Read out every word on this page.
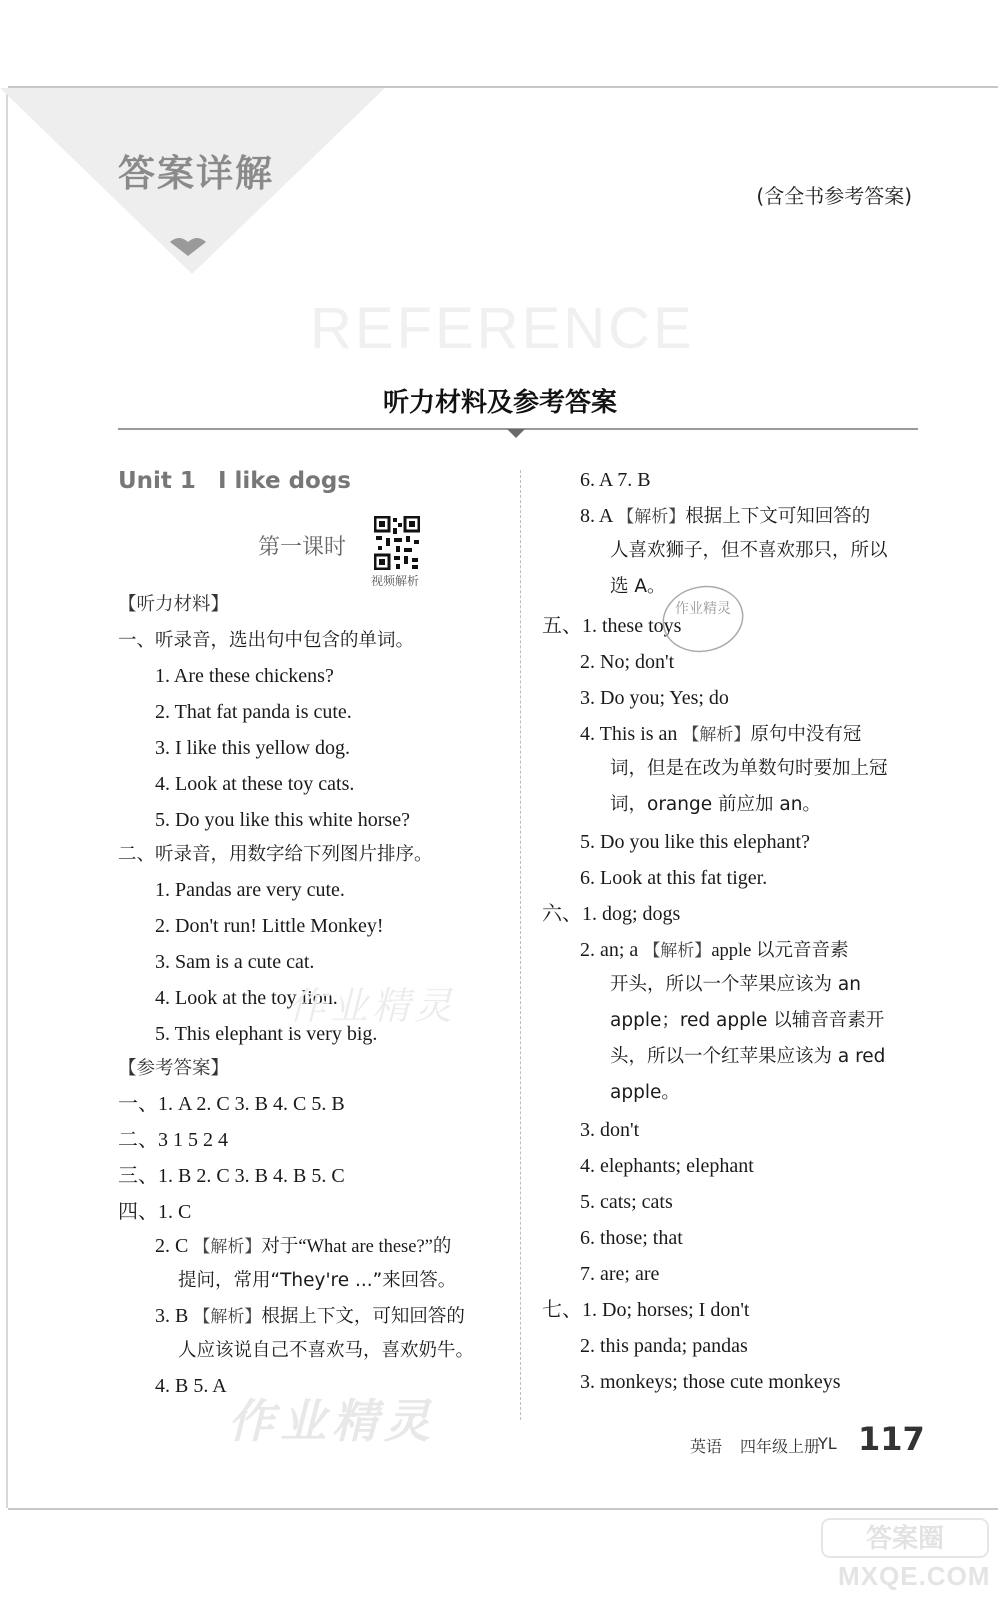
答案详解
(含全书参考答案)
REFERENCE
听力材料及参考答案
Unit 1 I like dogs
第一课时
视频解析
【听力材料】
一、听录音，选出句中包含的单词。
1. Are these chickens?
2. That fat panda is cute.
3. I like this yellow dog.
4. Look at these toy cats.
5. Do you like this white horse?
二、听录音，用数字给下列图片排序。
1. Pandas are very cute.
2. Don't run! Little Monkey!
3. Sam is a cute cat.
4. Look at the toy lion.
5. This elephant is very big.
【参考答案】
一、1. A 2. C 3. B 4. C 5. B
二、3 1 5 2 4
三、1. B 2. C 3. B 4. B 5. C
四、1. C
2. C 【解析】对于“What are these?”的
提问，常用“They're ...”来回答。
3. B 【解析】根据上下文，可知回答的
人应该说自己不喜欢马，喜欢奶牛。
4. B 5. A
6. A 7. B
8. A 【解析】根据上下文可知回答的
人喜欢狮子，但不喜欢那只，所以
选 A。
五、1. these toys
2. No; don't
3. Do you; Yes; do
4. This is an 【解析】原句中没有冠
词，但是在改为单数句时要加上冠
词，orange 前应加 an。
5. Do you like this elephant?
6. Look at this fat tiger.
六、1. dog; dogs
2. an; a 【解析】apple 以元音音素
开头，所以一个苹果应该为 an
apple；red apple 以辅音音素开
头，所以一个红苹果应该为 a red
apple。
3. don't
4. elephants; elephant
5. cats; cats
6. those; that
7. are; are
七、1. Do; horses; I don't
2. this panda; pandas
3. monkeys; those cute monkeys
作业精灵
作业精灵
作业精灵	英语 四年级上册
YL 117
答案圈
MXQE.COM
